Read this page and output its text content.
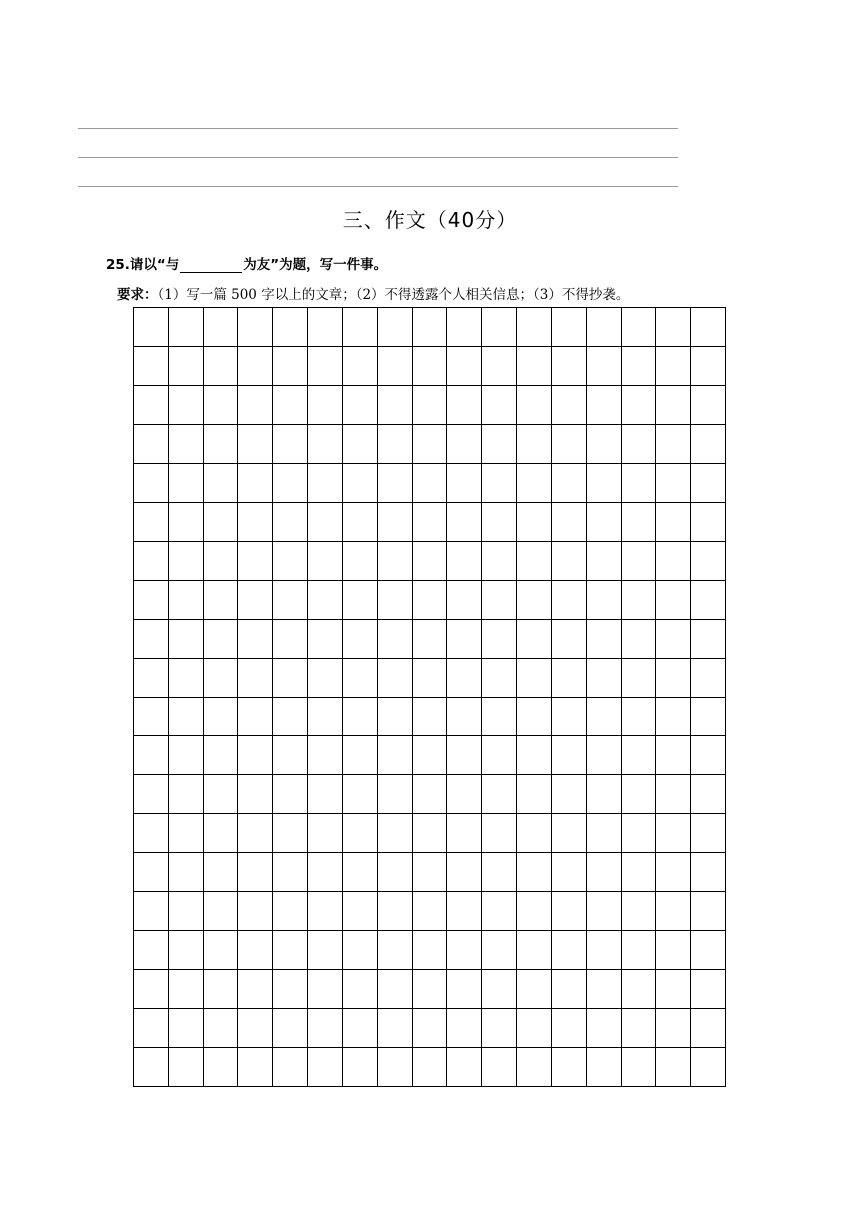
三、作文（40分）
25.请以“与	为友”为题，写一件事。
要求：（1）写一篇 500 字以上的文章；（2）不得透露个人相关信息；（3）不得抄袭。
